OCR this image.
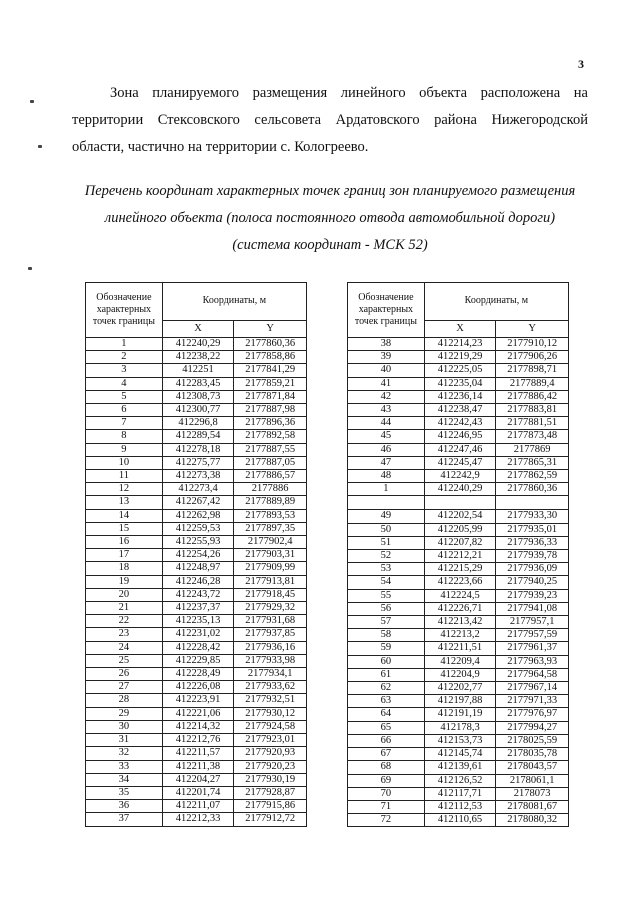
3
Зона планируемого размещения линейного объекта расположена на
территории Стексовского сельсовета Ардатовского района Нижегородской
области, частично на территории с. Кологреево.
Перечень координат характерных точек границ зон планируемого размещения
линейного объекта (полоса постоянного отвода автомобильной дороги)
(система координат - МСК 52)
Обозначение характерных точек границы	Координаты, м	
	X	Y
1	412240,29	2177860,36
2	412238,22	2177858,86
3	412251	2177841,29
4	412283,45	2177859,21
5	412308,73	2177871,84
6	412300,77	2177887,98
7	412296,8	2177896,36
8	412289,54	2177892,58
9	412278,18	2177887,55
10	412275,77	2177887,05
11	412273,38	2177886,57
12	412273,4	2177886
13	412267,42	2177889,89
14	412262,98	2177893,53
15	412259,53	2177897,35
16	412255,93	2177902,4
17	412254,26	2177903,31
18	412248,97	2177909,99
19	412246,28	2177913,81
20	412243,72	2177918,45
21	412237,37	2177929,32
22	412235,13	2177931,68
23	412231,02	2177937,85
24	412228,42	2177936,16
25	412229,85	2177933,98
26	412228,49	2177934,1
27	412226,08	2177933,62
28	412223,91	2177932,51
29	412221,06	2177930,12
30	412214,32	2177924,58
31	412212,76	2177923,01
32	412211,57	2177920,93
33	412211,38	2177920,23
34	412204,27	2177930,19
35	412201,74	2177928,87
36	412211,07	2177915,86
37	412212,33	2177912,72
Обозначение характерных точек границы	Координаты, м	
	X	Y
38	412214,23	2177910,12
39	412219,29	2177906,26
40	412225,05	2177898,71
41	412235,04	2177889,4
42	412236,14	2177886,42
43	412238,47	2177883,81
44	412242,43	2177881,51
45	412246,95	2177873,48
46	412247,46	2177869
47	412245,47	2177865,31
48	412242,9	2177862,59
1	412240,29	2177860,36

49	412202,54	2177933,30
50	412205,99	2177935,01
51	412207,82	2177936,33
52	412212,21	2177939,78
53	412215,29	2177936,09
54	412223,66	2177940,25
55	412224,5	2177939,23
56	412226,71	2177941,08
57	412213,42	2177957,1
58	412213,2	2177957,59
59	412211,51	2177961,37
60	412209,4	2177963,93
61	412204,9	2177964,58
62	412202,77	2177967,14
63	412197,88	2177971,33
64	412191,19	2177976,97
65	412178,3	2177994,27
66	412153,73	2178025,59
67	412145,74	2178035,78
68	412139,61	2178043,57
69	412126,52	2178061,1
70	412117,71	2178073
71	412112,53	2178081,67
72	412110,65	2178080,32
